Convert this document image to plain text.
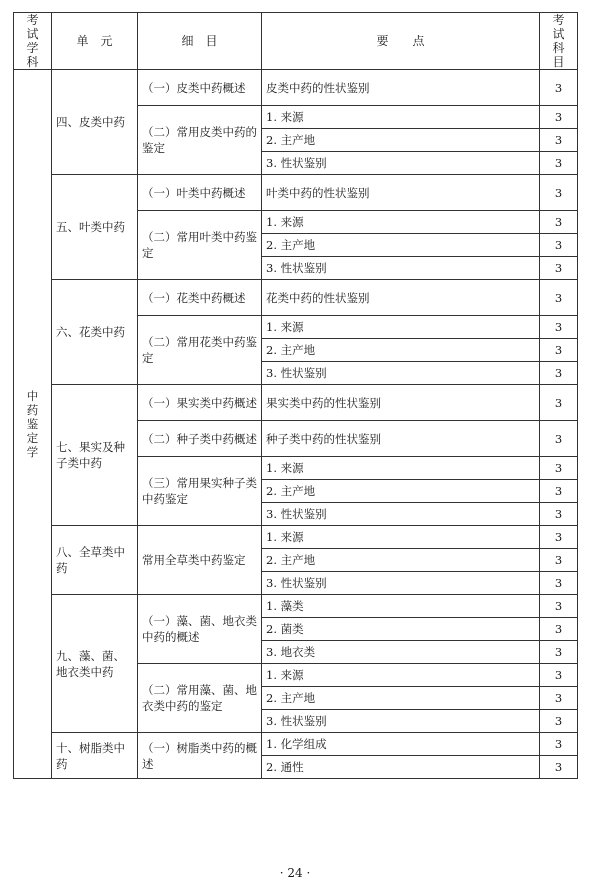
考试学科	单　元	细　目	要　　点	考试科目
中药鉴定学	四、皮类中药	（一）皮类中药概述	皮类中药的性状鉴别	3
		（二）常用皮类中药的鉴定	1. 来源	3
			2. 主产地	3
			3. 性状鉴别	3
	五、叶类中药	（一）叶类中药概述	叶类中药的性状鉴别	3
		（二）常用叶类中药鉴定	1. 来源	3
			2. 主产地	3
			3. 性状鉴别	3
	六、花类中药	（一）花类中药概述	花类中药的性状鉴别	3
		（二）常用花类中药鉴定	1. 来源	3
			2. 主产地	3
			3. 性状鉴别	3
	七、果实及种子类中药	（一）果实类中药概述	果实类中药的性状鉴别	3
		（二）种子类中药概述	种子类中药的性状鉴别	3
		（三）常用果实种子类中药鉴定	1. 来源	3
			2. 主产地	3
			3. 性状鉴别	3
	八、全草类中药	常用全草类中药鉴定	1. 来源	3
			2. 主产地	3
			3. 性状鉴别	3
	九、藻、菌、地衣类中药	（一）藻、菌、地衣类中药的概述	1. 藻类	3
			2. 菌类	3
			3. 地衣类	3
		（二）常用藻、菌、地衣类中药的鉴定	1. 来源	3
			2. 主产地	3
			3. 性状鉴别	3
	十、树脂类中药	（一）树脂类中药的概述	1. 化学组成	3
			2. 通性	3
· 24 ·
